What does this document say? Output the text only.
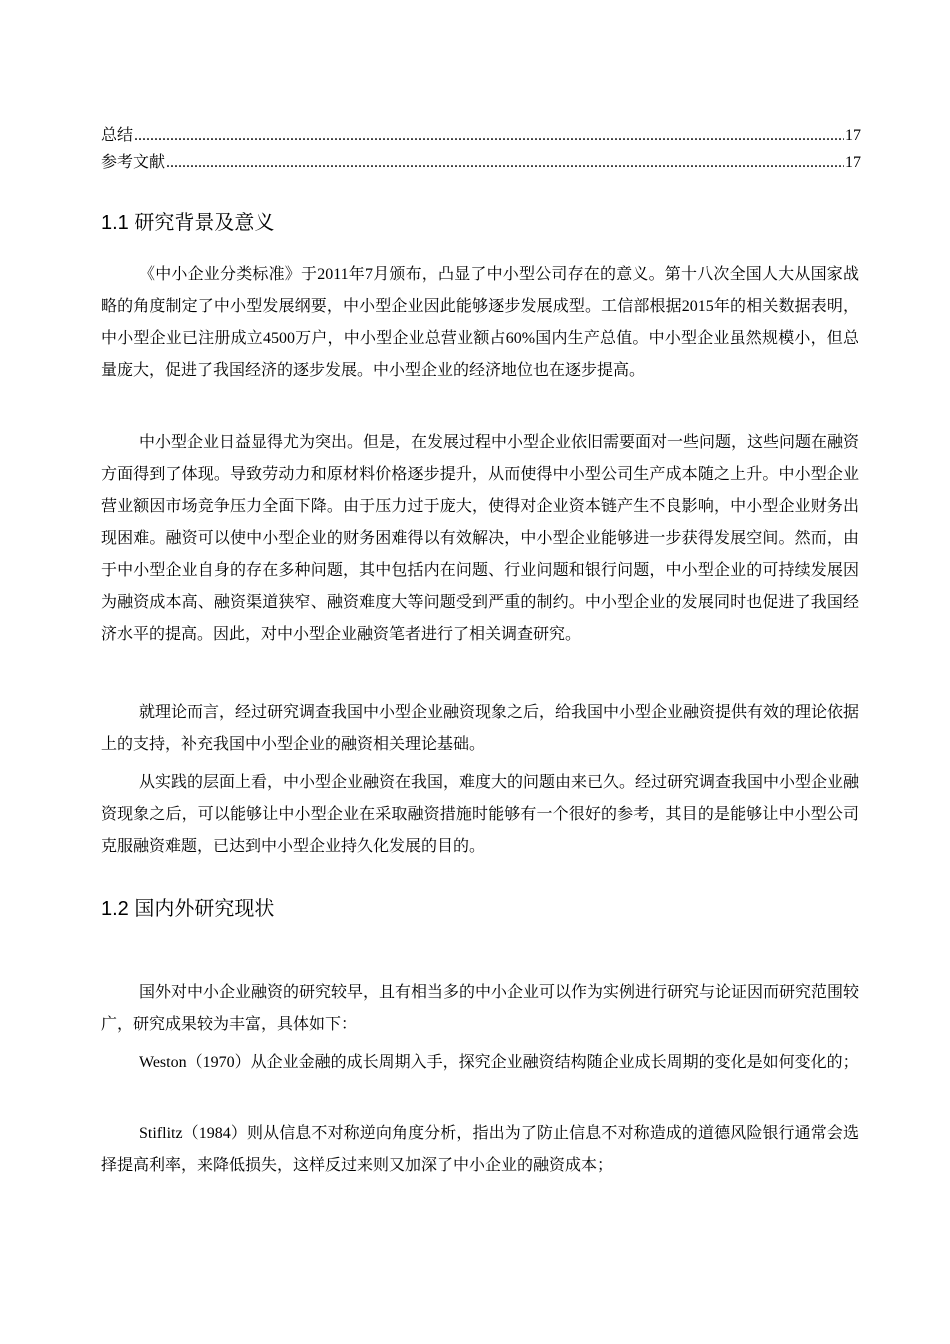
总结 .....	17
参考文献 .....	17
1.1 研究背景及意义

《中小企业分类标准》于2011年7月颁布，凸显了中小型公司存在的意义。第十八次全国人大从国家战略的角度制定了中小型发展纲要，中小型企业因此能够逐步发展成型。工信部根据2015年的相关数据表明，中小型企业已注册成立4500万户，中小型企业总营业额占60%国内生产总值。中小型企业虽然规模小，但总量庞大，促进了我国经济的逐步发展。中小型企业的经济地位也在逐步提高。

中小型企业日益显得尤为突出。但是，在发展过程中小型企业依旧需要面对一些问题，这些问题在融资方面得到了体现。导致劳动力和原材料价格逐步提升，从而使得中小型公司生产成本随之上升。中小型企业营业额因市场竞争压力全面下降。由于压力过于庞大，使得对企业资本链产生不良影响，中小型企业财务出现困难。融资可以使中小型企业的财务困难得以有效解决，中小型企业能够进一步获得发展空间。然而，由于中小型企业自身的存在多种问题，其中包括内在问题、行业问题和银行问题，中小型企业的可持续发展因为融资成本高、融资渠道狭窄、融资难度大等问题受到严重的制约。中小型企业的发展同时也促进了我国经济水平的提高。因此，对中小型企业融资笔者进行了相关调查研究。

就理论而言，经过研究调查我国中小型企业融资现象之后，给我国中小型企业融资提供有效的理论依据上的支持，补充我国中小型企业的融资相关理论基础。

从实践的层面上看，中小型企业融资在我国，难度大的问题由来已久。经过研究调查我国中小型企业融资现象之后，可以能够让中小型企业在采取融资措施时能够有一个很好的参考，其目的是能够让中小型公司克服融资难题，已达到中小型企业持久化发展的目的。

1.2 国内外研究现状

国外对中小企业融资的研究较早，且有相当多的中小企业可以作为实例进行研究与论证因而研究范围较广，研究成果较为丰富，具体如下：

Weston（1970）从企业金融的成长周期入手，探究企业融资结构随企业成长周期的变化是如何变化的；

Stiflitz（1984）则从信息不对称逆向角度分析，指出为了防止信息不对称造成的道德风险银行通常会选择提高利率，来降低损失，这样反过来则又加深了中小企业的融资成本；
